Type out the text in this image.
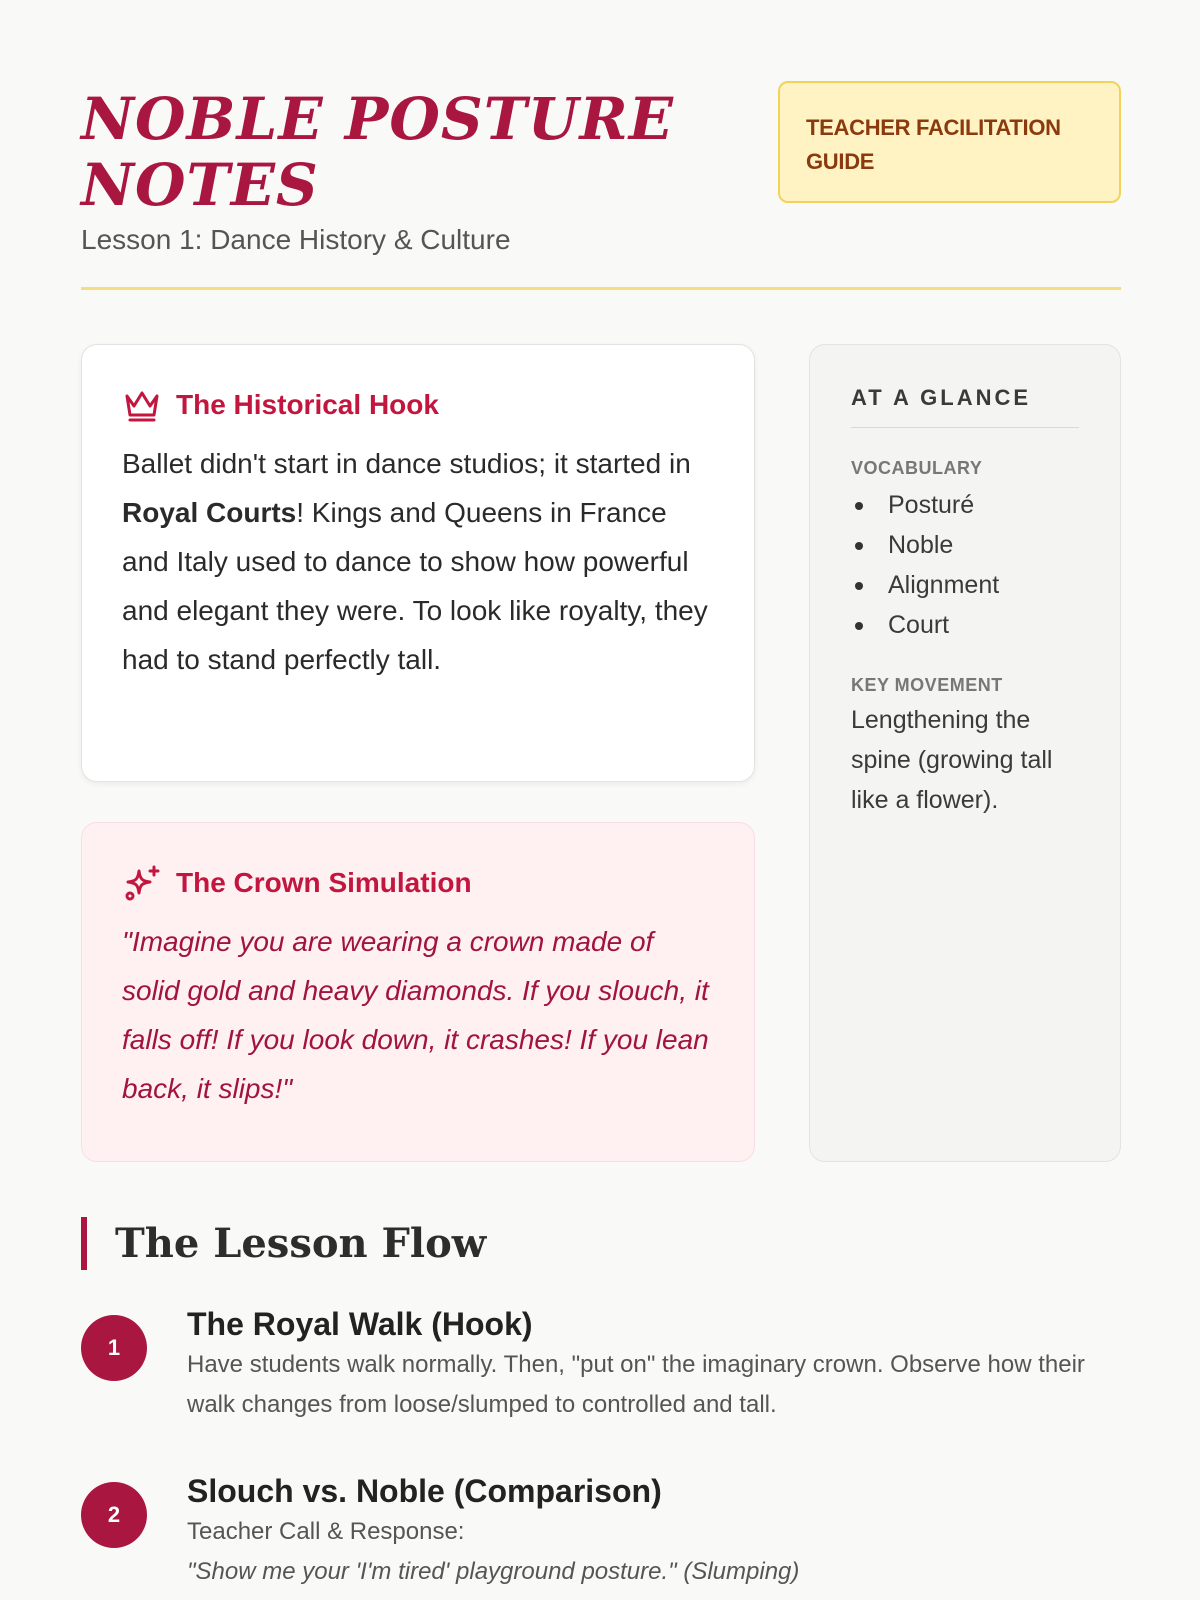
NOBLE POSTURE NOTES
Lesson 1: Dance History & Culture
TEACHER FACILITATION GUIDE
The Historical Hook

Ballet didn't start in dance studios; it started in Royal Courts! Kings and Queens in France and Italy used to dance to show how powerful and elegant they were. To look like royalty, they had to stand perfectly tall.

The Crown Simulation

"Imagine you are wearing a crown made of solid gold and heavy diamonds. If you slouch, it falls off! If you look down, it crashes! If you lean back, it slips!"

AT A GLANCE
VOCABULARY
Posturé
Noble
Alignment
Court
KEY MOVEMENT
Lengthening the spine (growing tall like a flower).
The Lesson Flow
1
The Royal Walk (Hook)
Have students walk normally. Then, "put on" the imaginary crown. Observe how their walk changes from loose/slumped to controlled and tall.
2
Slouch vs. Noble (Comparison)
Teacher Call & Response:
"Show me your 'I'm tired' playground posture." (Slumping)
